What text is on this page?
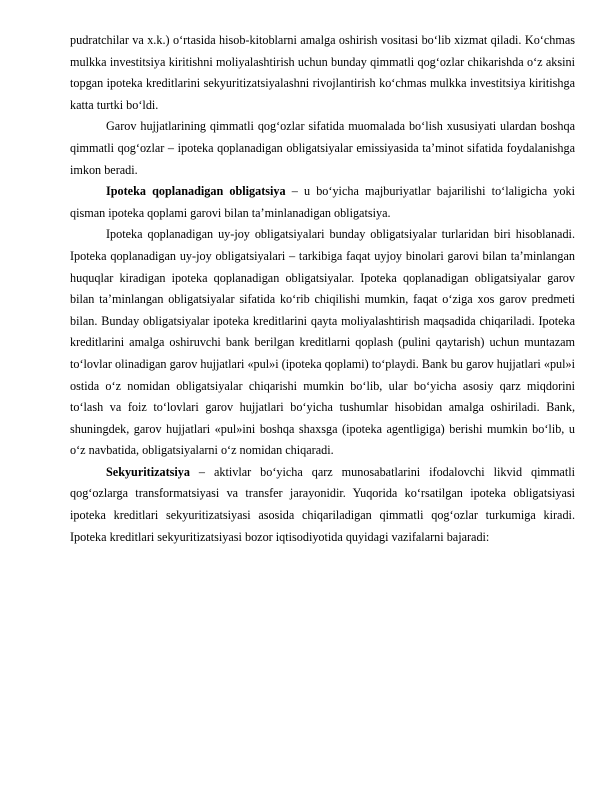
pudratchilar va x.k.) o‘rtasida hisob-kitoblarni amalga oshirish vositasi bo‘lib xizmat qiladi. Ko‘chmas mulkka investitsiya kiritishni moliyalashtirish uchun bunday qimmatli qog‘ozlar chikarishda o‘z aksini topgan ipoteka kreditlarini sekyuritizatsiyalashni rivojlantirish ko‘chmas mulkka investitsiya kiritishga katta turtki bo‘ldi.

Garov hujjatlarining qimmatli qog‘ozlar sifatida muomalada bo‘lish xususiyati ulardan boshqa qimmatli qog‘ozlar – ipoteka qoplanadigan obligatsiyalar emissiyasida ta’minot sifatida foydalanishga imkon beradi.

Ipoteka qoplanadigan obligatsiya – u bo‘yicha majburiyatlar bajarilishi to‘laligicha yoki qisman ipoteka qoplami garovi bilan ta’minlanadigan obligatsiya.

Ipoteka qoplanadigan uy-joy obligatsiyalari bunday obligatsiyalar turlaridan biri hisoblanadi. Ipoteka qoplanadigan uy-joy obligatsiyalari – tarkibiga faqat uyjoy binolari garovi bilan ta’minlangan huquqlar kiradigan ipoteka qoplanadigan obligatsiyalar. Ipoteka qoplanadigan obligatsiyalar garov bilan ta’minlangan obligatsiyalar sifatida ko‘rib chiqilishi mumkin, faqat o‘ziga xos garov predmeti bilan. Bunday obligatsiyalar ipoteka kreditlarini qayta moliyalashtirish maqsadida chiqariladi. Ipoteka kreditlarini amalga oshiruvchi bank berilgan kreditlarni qoplash (pulini qaytarish) uchun muntazam to‘lovlar olinadigan garov hujjatlari «pul»i (ipoteka qoplami) to‘playdi. Bank bu garov hujjatlari «pul»i ostida o‘z nomidan obligatsiyalar chiqarishi mumkin bo‘lib, ular bo‘yicha asosiy qarz miqdorini to‘lash va foiz to‘lovlari garov hujjatlari bo‘yicha tushumlar hisobidan amalga oshiriladi. Bank, shuningdek, garov hujjatlari «pul»ini boshqa shaxsga (ipoteka agentligiga) berishi mumkin bo‘lib, u o‘z navbatida, obligatsiyalarni o‘z nomidan chiqaradi.

Sekyuritizatsiya – aktivlar bo‘yicha qarz munosabatlarini ifodalovchi likvid qimmatli qog‘ozlarga transformatsiyasi va transfer jarayonidir. Yuqorida ko‘rsatilgan ipoteka obligatsiyasi ipoteka kreditlari sekyuritizatsiyasi asosida chiqariladigan qimmatli qog‘ozlar turkumiga kiradi. Ipoteka kreditlari sekyuritizatsiyasi bozor iqtisodiyotida quyidagi vazifalarni bajaradi:
